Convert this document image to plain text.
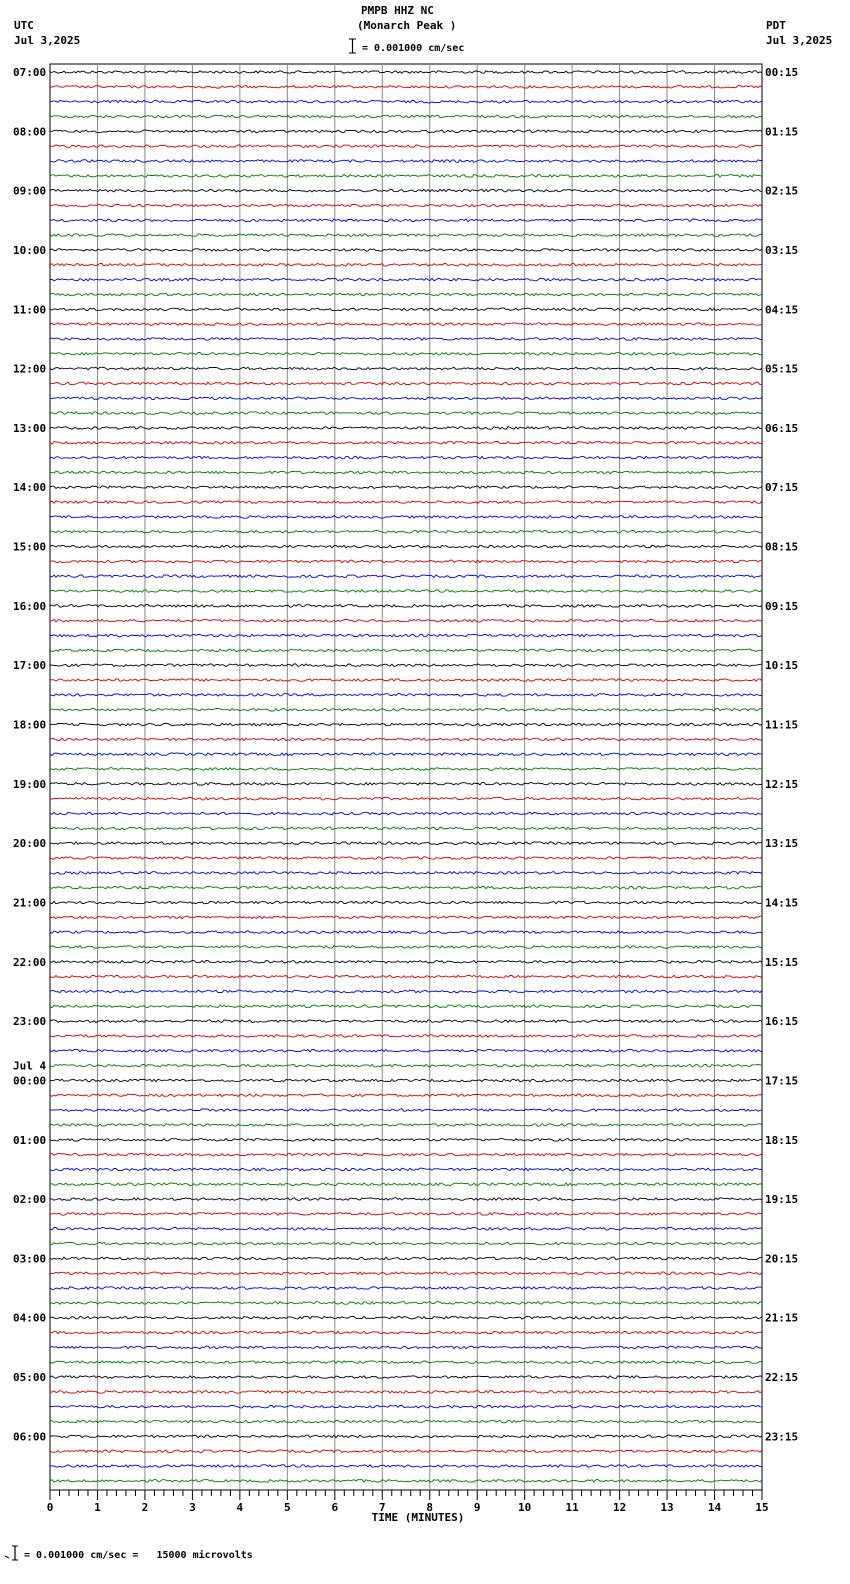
PMPB HHZ NC
(Monarch Peak )
= 0.001000 cm/sec
UTC
Jul 3,2025
PDT
Jul 3,2025
07:00	00:15
08:00	01:15
09:00	02:15
10:00	03:15
11:00	04:15
12:00	05:15
13:00	06:15
14:00	07:15
15:00	08:15
16:00	09:15
17:00	10:15
18:00	11:15
19:00	12:15
20:00	13:15
21:00	14:15
22:00	15:15
23:00	16:15
00:00	17:15
Jul 4
01:00	18:15
02:00	19:15
03:00	20:15
04:00	21:15
05:00	22:15
06:00	23:15
0	1	2	3	4	5	6	7	8	9	10	11	12	13	14	15
TIME (MINUTES)
= 0.001000 cm/sec =   15000 microvolts
